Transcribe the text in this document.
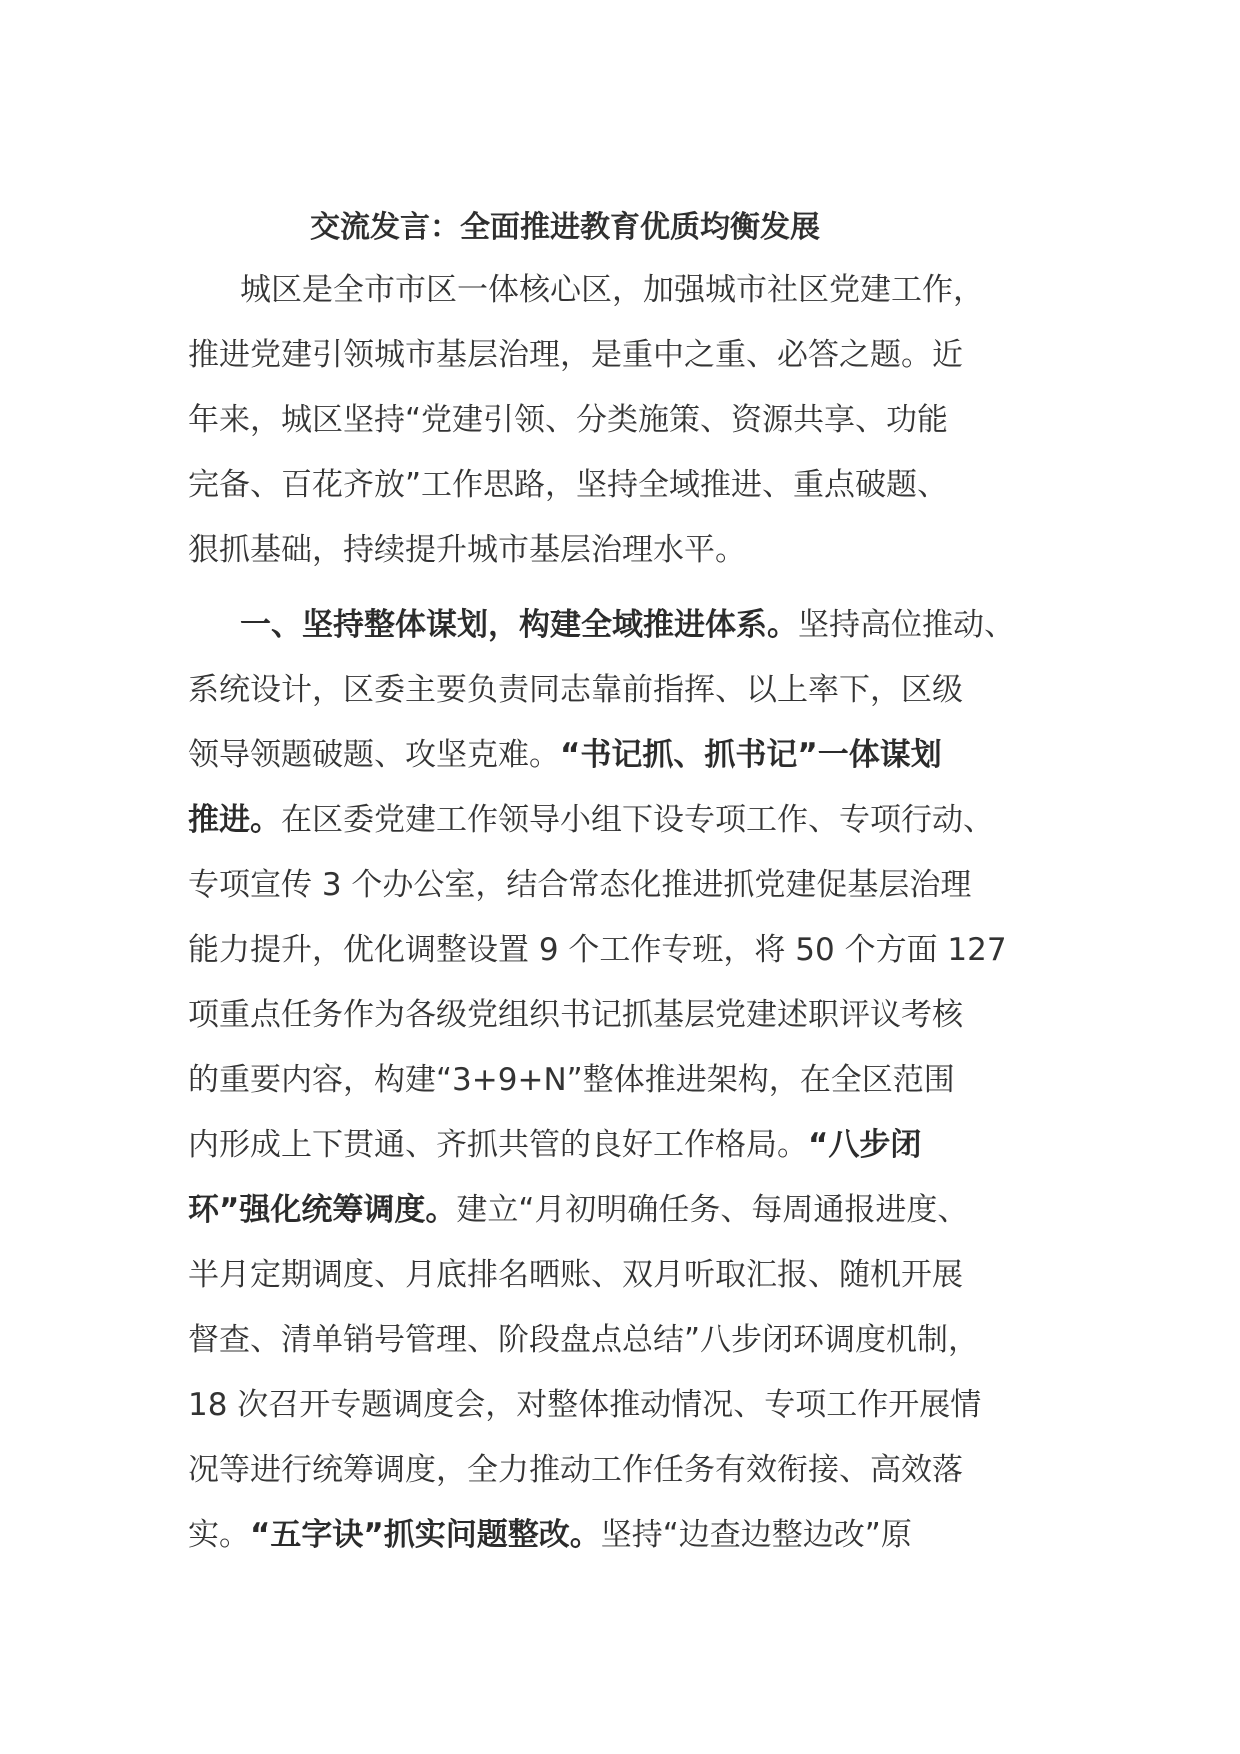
交流发言：全面推进教育优质均衡发展
城区是全市市区一体核心区，加强城市社区党建工作，
推进党建引领城市基层治理，是重中之重、必答之题。近
年来，城区坚持“党建引领、分类施策、资源共享、功能
完备、百花齐放”工作思路，坚持全域推进、重点破题、
狠抓基础，持续提升城市基层治理水平。
一、坚持整体谋划，构建全域推进体系。坚持高位推动、
系统设计，区委主要负责同志靠前指挥、以上率下，区级
领导领题破题、攻坚克难。“书记抓、抓书记”一体谋划
推进。在区委党建工作领导小组下设专项工作、专项行动、
专项宣传 3 个办公室，结合常态化推进抓党建促基层治理
能力提升，优化调整设置 9 个工作专班，将 50 个方面 127
项重点任务作为各级党组织书记抓基层党建述职评议考核
的重要内容，构建“3+9+N”整体推进架构，在全区范围
内形成上下贯通、齐抓共管的良好工作格局。“八步闭
环”强化统筹调度。建立“月初明确任务、每周通报进度、
半月定期调度、月底排名晒账、双月听取汇报、随机开展
督查、清单销号管理、阶段盘点总结”八步闭环调度机制，
18 次召开专题调度会，对整体推动情况、专项工作开展情
况等进行统筹调度，全力推动工作任务有效衔接、高效落
实。“五字诀”抓实问题整改。坚持“边查边整边改”原
